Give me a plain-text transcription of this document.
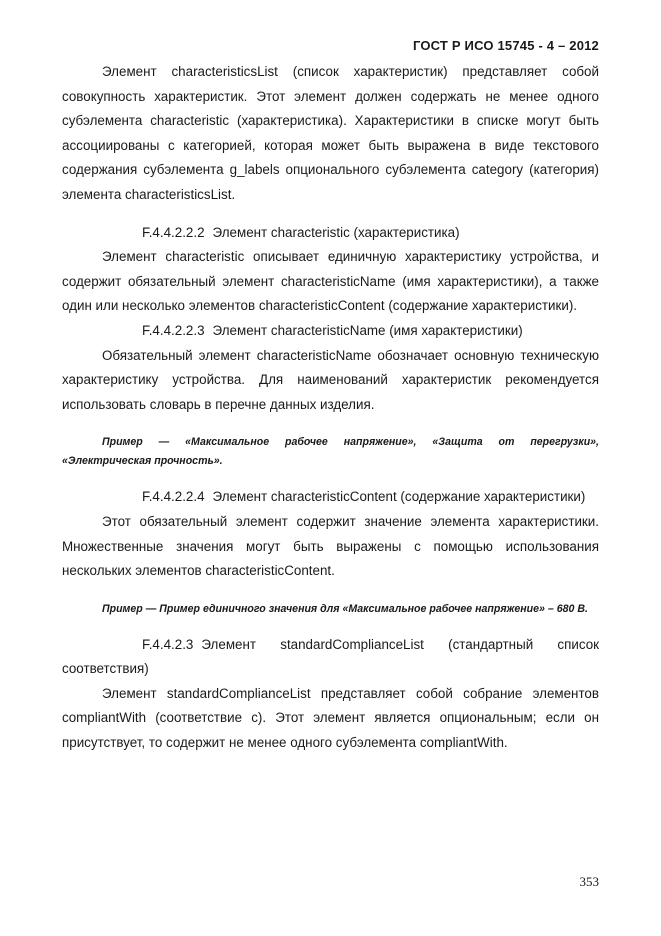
ГОСТ Р ИСО 15745 - 4 – 2012

Элемент characteristicsList (список характеристик) представляет собой совокупность характеристик. Этот элемент должен содержать не менее одного субэлемента characteristic (характеристика). Характеристики в списке могут быть ассоциированы с категорией, которая может быть выражена в виде текстового содержания субэлемента g_labels опционального субэлемента category (категория) элемента characteristicsList.

F.4.4.2.2.2 Элемент characteristic (характеристика)

Элемент characteristic описывает единичную характеристику устройства, и содержит обязательный элемент characteristicName (имя характеристики), а также один или несколько элементов characteristicContent (содержание характеристики).

F.4.4.2.2.3 Элемент characteristicName (имя характеристики)

Обязательный элемент characteristicName обозначает основную техническую характеристику устройства. Для наименований характеристик рекомендуется использовать словарь в перечне данных изделия.

Пример — «Максимальное рабочее напряжение», «Защита от перегрузки», «Электрическая прочность».

F.4.4.2.2.4 Элемент characteristicContent (содержание характеристики)

Этот обязательный элемент содержит значение элемента характеристики. Множественные значения могут быть выражены с помощью использования нескольких элементов characteristicContent.

Пример — Пример единичного значения для «Максимальное рабочее напряжение» – 680 В.

F.4.4.2.3 Элемент standardComplianceList (стандартный список соответствия)

Элемент standardComplianceList представляет собой собрание элементов compliantWith (соответствие с). Этот элемент является опциональным; если он присутствует, то содержит не менее одного субэлемента compliantWith.

353
